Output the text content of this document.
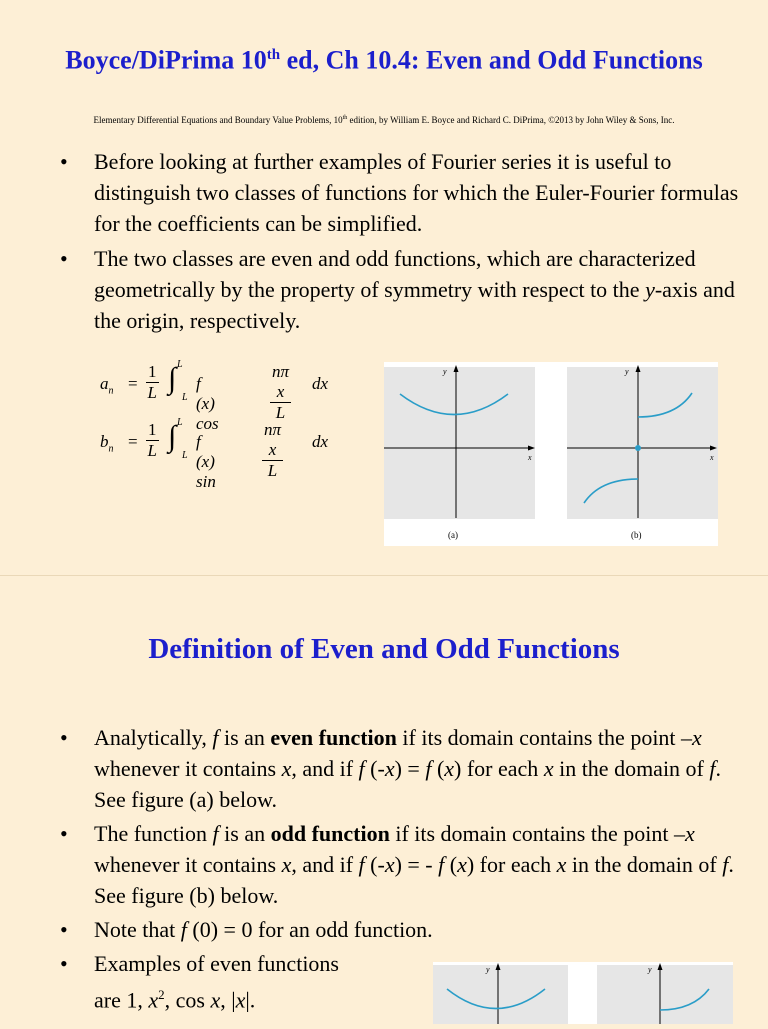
Boyce/DiPrima 10th ed, Ch 10.4: Even and Odd Functions
Elementary Differential Equations and Boundary Value Problems, 10th edition, by William E. Boyce and Richard C. DiPrima, ©2013 by John Wiley & Sons, Inc.
• Before looking at further examples of Fourier series it is useful to distinguish two classes of functions for which the Euler-Fourier formulas for the coefficients can be simplified.
• The two classes are even and odd functions, which are characterized geometrically by the property of symmetry with respect to the y-axis and the origin, respectively.
$a_n = \frac{1}{L}$ ∫ L
L
f (x) cos
$\frac{\text{nπ x}}{L}$ dx
$b_n = \frac{1}{L}$ ∫ L
L
f (x) sin
$\frac{\text{nπ x}}{L}$ dx
y
x
(a)
y
x
(b)
Definition of Even and Odd Functions
• Analytically, f is an even function if its domain contains the point –x whenever it contains x, and if f (-x) = f (x) for each x in the domain of f. See figure (a) below.
• The function f is an odd function if its domain contains the point –x whenever it contains x, and if f (-x) = - f (x) for each x in the domain of f. See figure (b) below.
• Note that f (0) = 0 for an odd function.
• Examples of even functions
are 1, $x^2$, cos x, |x|.
y	y
